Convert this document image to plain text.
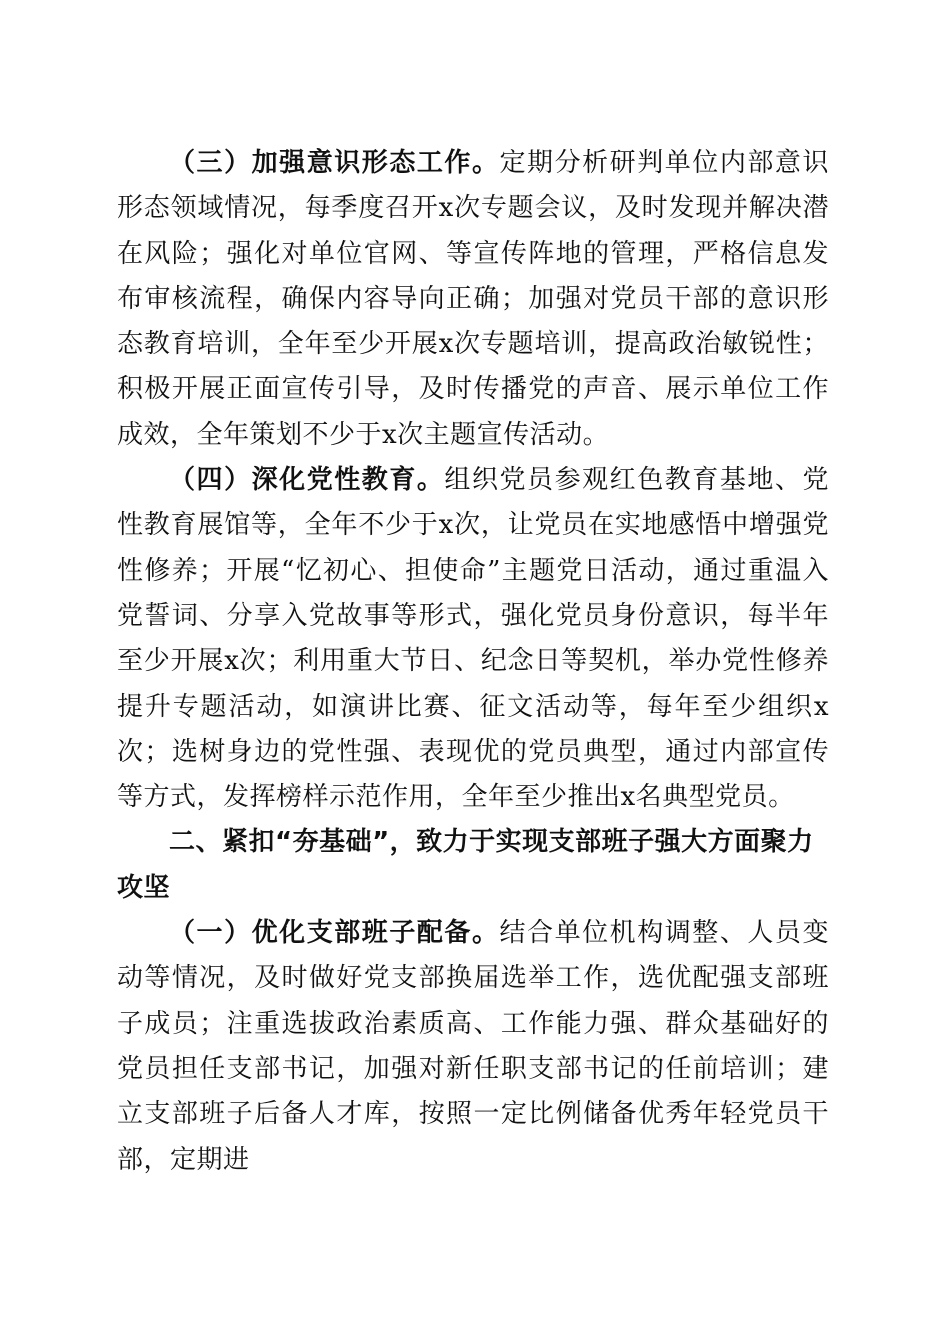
（三）加强意识形态工作。定期分析研判单位内部意识形态领域情况，每季度召开x次专题会议，及时发现并解决潜在风险；强化对单位官网、等宣传阵地的管理，严格信息发布审核流程，确保内容导向正确；加强对党员干部的意识形态教育培训，全年至少开展x次专题培训，提高政治敏锐性；积极开展正面宣传引导，及时传播党的声音、展示单位工作成效，全年策划不少于x次主题宣传活动。

（四）深化党性教育。组织党员参观红色教育基地、党性教育展馆等，全年不少于x次，让党员在实地感悟中增强党性修养；开展“忆初心、担使命”主题党日活动，通过重温入党誓词、分享入党故事等形式，强化党员身份意识，每半年至少开展x次；利用重大节日、纪念日等契机，举办党性修养提升专题活动，如演讲比赛、征文活动等，每年至少组织x次；选树身边的党性强、表现优的党员典型，通过内部宣传等方式，发挥榜样示范作用，全年至少推出x名典型党员。

二、紧扣“夯基础”，致力于实现支部班子强大方面聚力攻坚

（一）优化支部班子配备。结合单位机构调整、人员变动等情况，及时做好党支部换届选举工作，选优配强支部班子成员；注重选拔政治素质高、工作能力强、群众基础好的党员担任支部书记，加强对新任职支部书记的任前培训；建立支部班子后备人才库，按照一定比例储备优秀年轻党员干部，定期进
